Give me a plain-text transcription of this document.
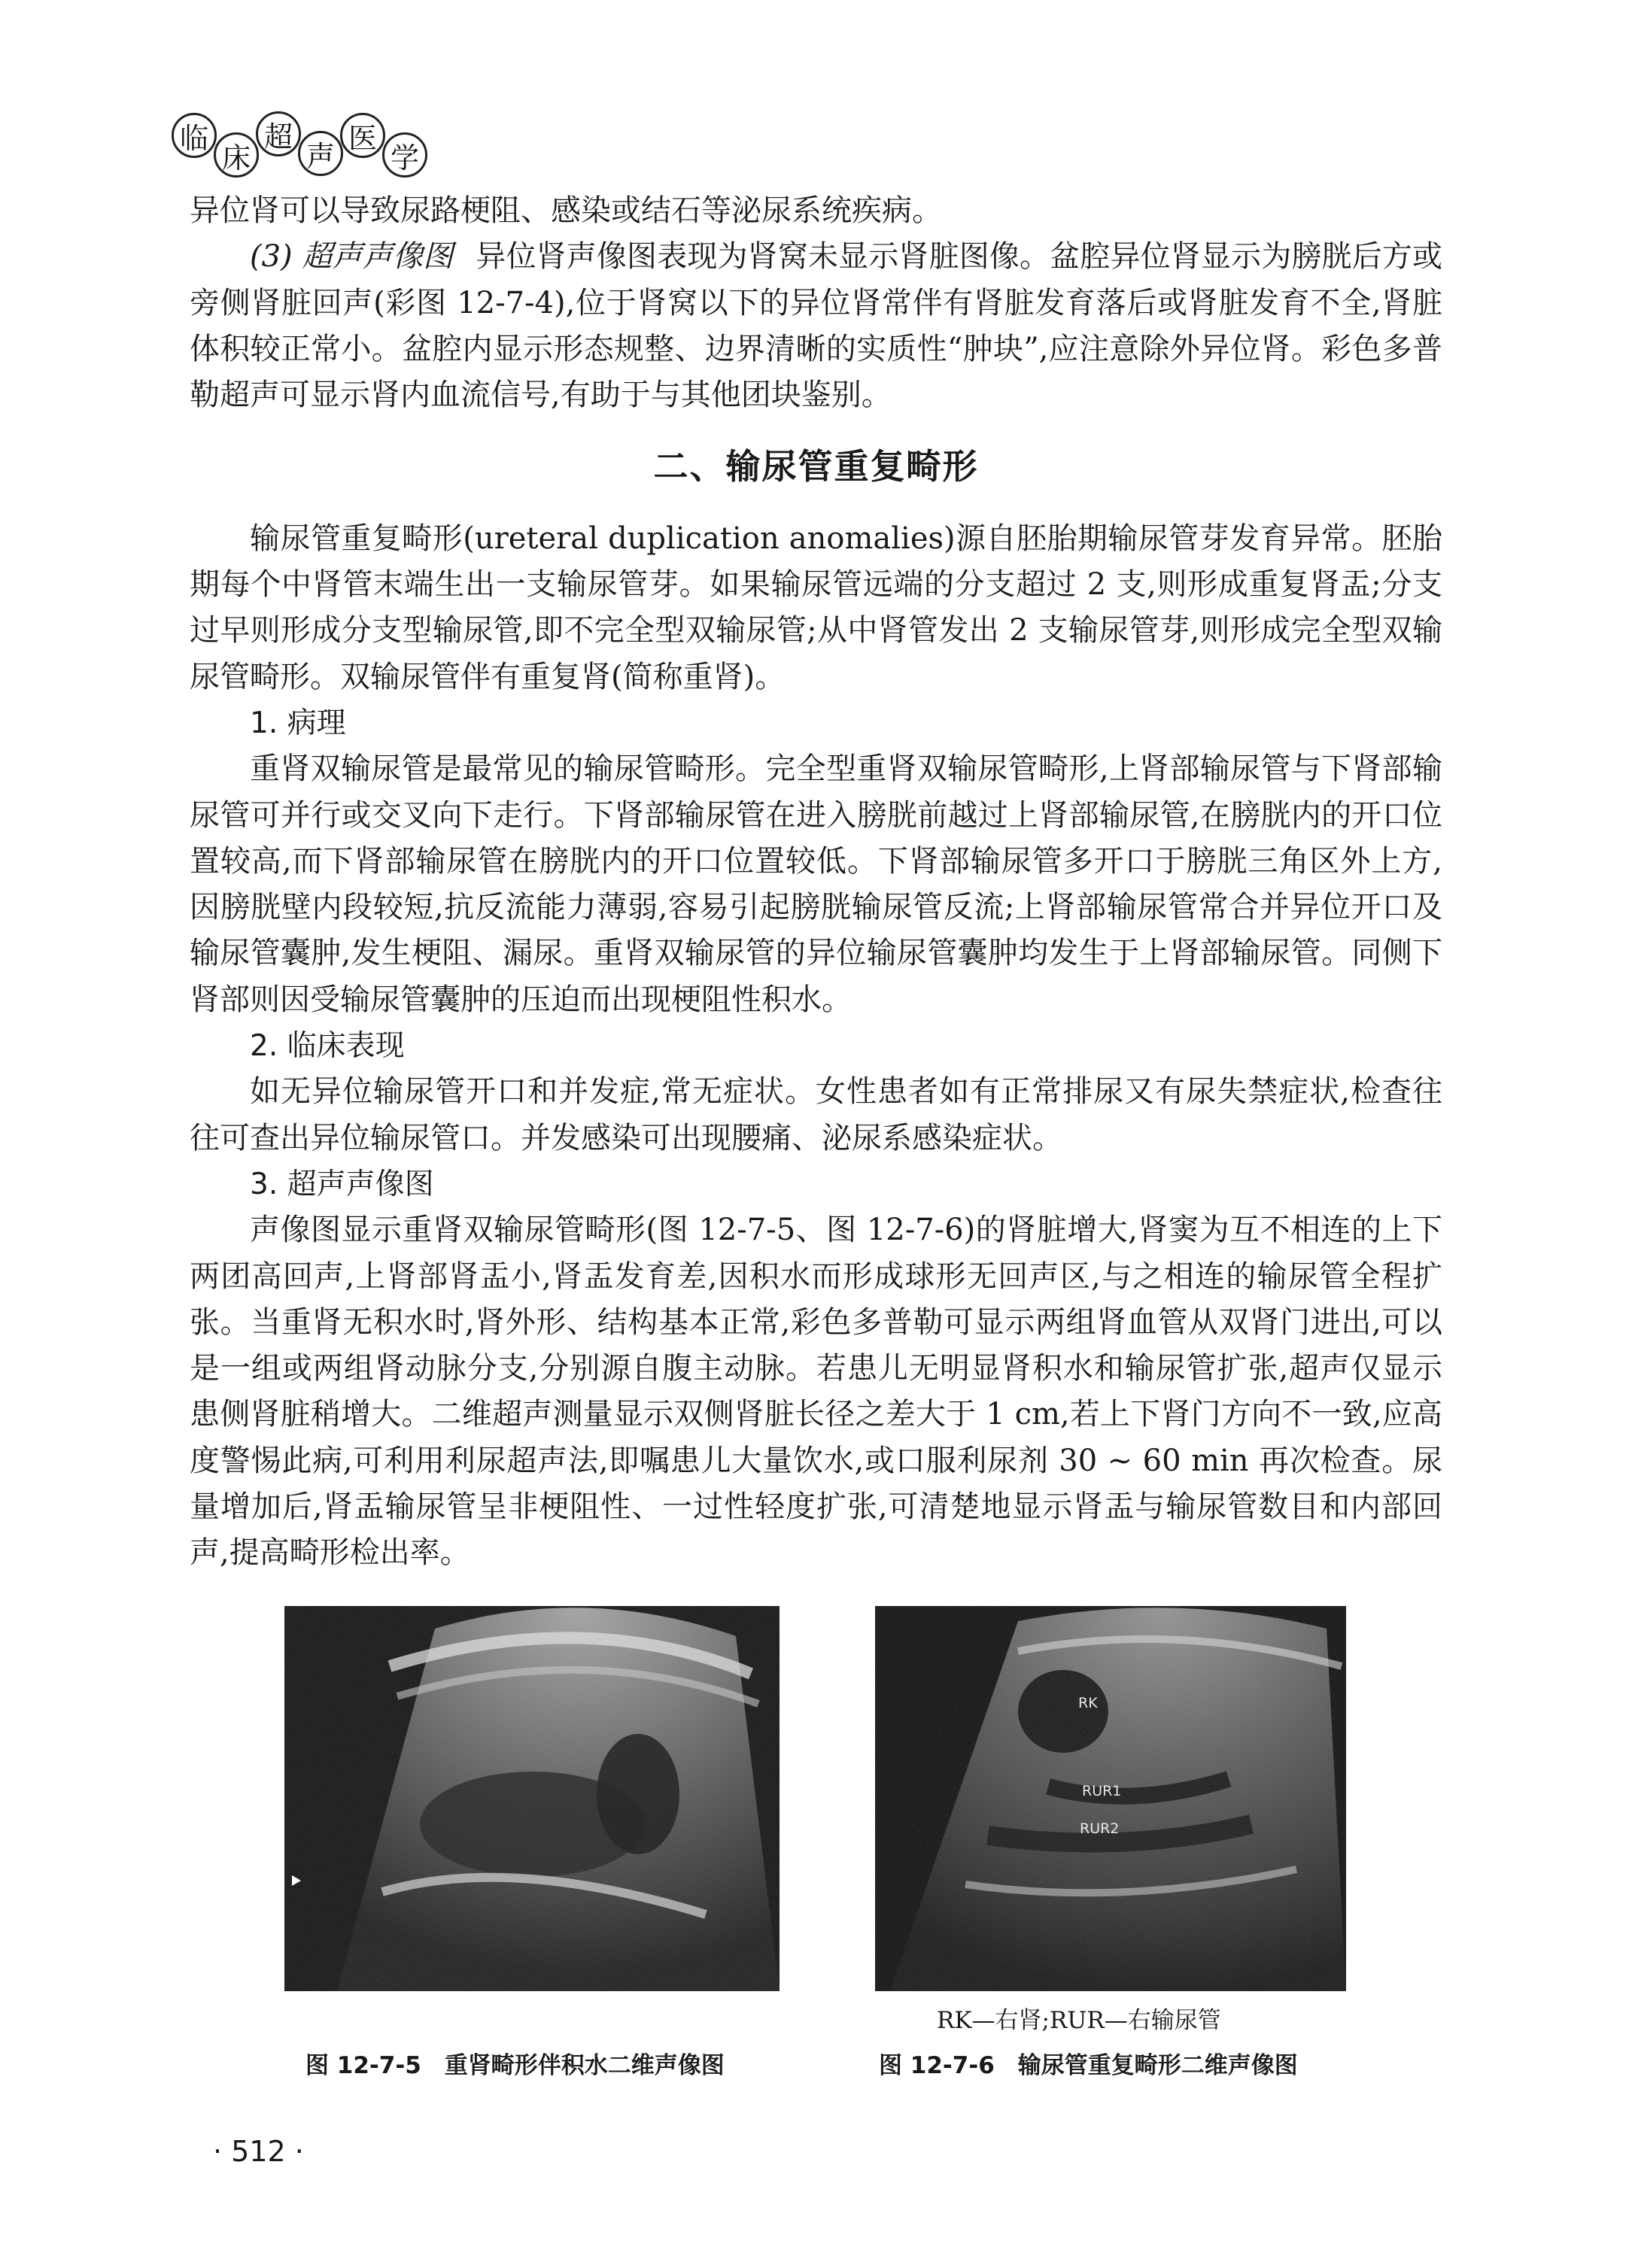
临
床
超
声
医
学

异位肾可以导致尿路梗阻、感染或结石等泌尿系统疾病。

(3) 超声声像图 异位肾声像图表现为肾窝未显示肾脏图像。盆腔异位肾显示为膀胱后方或旁侧肾脏回声(彩图 12-7-4),位于肾窝以下的异位肾常伴有肾脏发育落后或肾脏发育不全,肾脏体积较正常小。盆腔内显示形态规整、边界清晰的实质性“肿块”,应注意除外异位肾。彩色多普勒超声可显示肾内血流信号,有助于与其他团块鉴别。

二、输尿管重复畸形

输尿管重复畸形(ureteral duplication anomalies)源自胚胎期输尿管芽发育异常。胚胎期每个中肾管末端生出一支输尿管芽。如果输尿管远端的分支超过 2 支,则形成重复肾盂;分支过早则形成分支型输尿管,即不完全型双输尿管;从中肾管发出 2 支输尿管芽,则形成完全型双输尿管畸形。双输尿管伴有重复肾(简称重肾)。

1. 病理

重肾双输尿管是最常见的输尿管畸形。完全型重肾双输尿管畸形,上肾部输尿管与下肾部输尿管可并行或交叉向下走行。下肾部输尿管在进入膀胱前越过上肾部输尿管,在膀胱内的开口位置较高,而下肾部输尿管在膀胱内的开口位置较低。下肾部输尿管多开口于膀胱三角区外上方,因膀胱壁内段较短,抗反流能力薄弱,容易引起膀胱输尿管反流;上肾部输尿管常合并异位开口及输尿管囊肿,发生梗阻、漏尿。重肾双输尿管的异位输尿管囊肿均发生于上肾部输尿管。同侧下肾部则因受输尿管囊肿的压迫而出现梗阻性积水。

2. 临床表现

如无异位输尿管开口和并发症,常无症状。女性患者如有正常排尿又有尿失禁症状,检查往往可查出异位输尿管口。并发感染可出现腰痛、泌尿系感染症状。

3. 超声声像图

声像图显示重肾双输尿管畸形(图 12-7-5、图 12-7-6)的肾脏增大,肾窦为互不相连的上下两团高回声,上肾部肾盂小,肾盂发育差,因积水而形成球形无回声区,与之相连的输尿管全程扩张。当重肾无积水时,肾外形、结构基本正常,彩色多普勒可显示两组肾血管从双肾门进出,可以是一组或两组肾动脉分支,分别源自腹主动脉。若患儿无明显肾积水和输尿管扩张,超声仅显示患侧肾脏稍增大。二维超声测量显示双侧肾脏长径之差大于 1 cm,若上下肾门方向不一致,应高度警惕此病,可利用利尿超声法,即嘱患儿大量饮水,或口服利尿剂 30 ~ 60 min 再次检查。尿量增加后,肾盂输尿管呈非梗阻性、一过性轻度扩张,可清楚地显示肾盂与输尿管数目和内部回声,提高畸形检出率。

图 12-7-5　重肾畸形伴积水二维声像图
RK
RUR1
RUR2
RK—右肾;RUR—右输尿管
图 12-7-6　输尿管重复畸形二维声像图
· 512 ·
